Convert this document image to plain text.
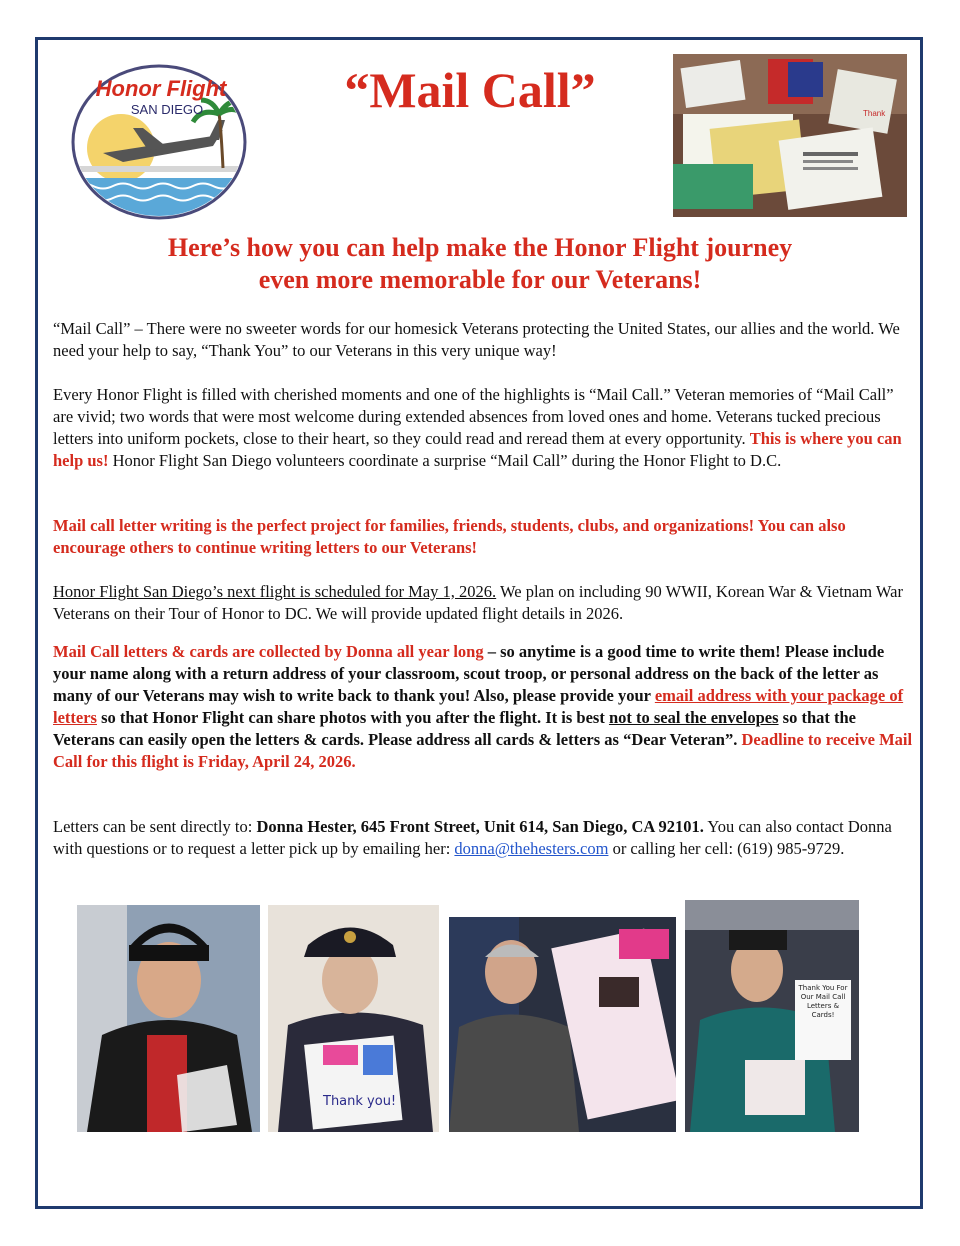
Honor Flight
SAN DIEGO	“Mail Call”	Thank
Here’s how you can help make the Honor Flight journey
even more memorable for our Veterans!

“Mail Call” – There were no sweeter words for our homesick Veterans protecting the United States, our allies and the world. We need your help to say, “Thank You” to our Veterans in this very unique way!

Every Honor Flight is filled with cherished moments and one of the highlights is “Mail Call.” Veteran memories of “Mail Call” are vivid; two words that were most welcome during extended absences from loved ones and home. Veterans tucked precious letters into uniform pockets, close to their heart, so they could read and reread them at every opportunity. This is where you can help us! Honor Flight San Diego volunteers coordinate a surprise “Mail Call” during the Honor Flight to D.C.

Mail call letter writing is the perfect project for families, friends, students, clubs, and organizations! You can also encourage others to continue writing letters to our Veterans!

Honor Flight San Diego’s next flight is scheduled for May 1, 2026. We plan on including 90 WWII, Korean War & Vietnam War Veterans on their Tour of Honor to DC. We will provide updated flight details in 2026.

Mail Call letters & cards are collected by Donna all year long – so anytime is a good time to write them! Please include your name along with a return address of your classroom, scout troop, or personal address on the back of the letter as many of our Veterans may wish to write back to thank you! Also, please provide your email address with your package of letters so that Honor Flight can share photos with you after the flight. It is best not to seal the envelopes so that the Veterans can easily open the letters & cards. Please address all cards & letters as “Dear Veteran”. Deadline to receive Mail Call for this flight is Friday, April 24, 2026.

Letters can be sent directly to: Donna Hester, 645 Front Street, Unit 614, San Diego, CA 92101. You can also contact Donna with questions or to request a letter pick up by emailing her: donna@thehesters.com or calling her cell: (619) 985-9729.

Thank you!
Thank You For Our Mail Call Letters & Cards!
